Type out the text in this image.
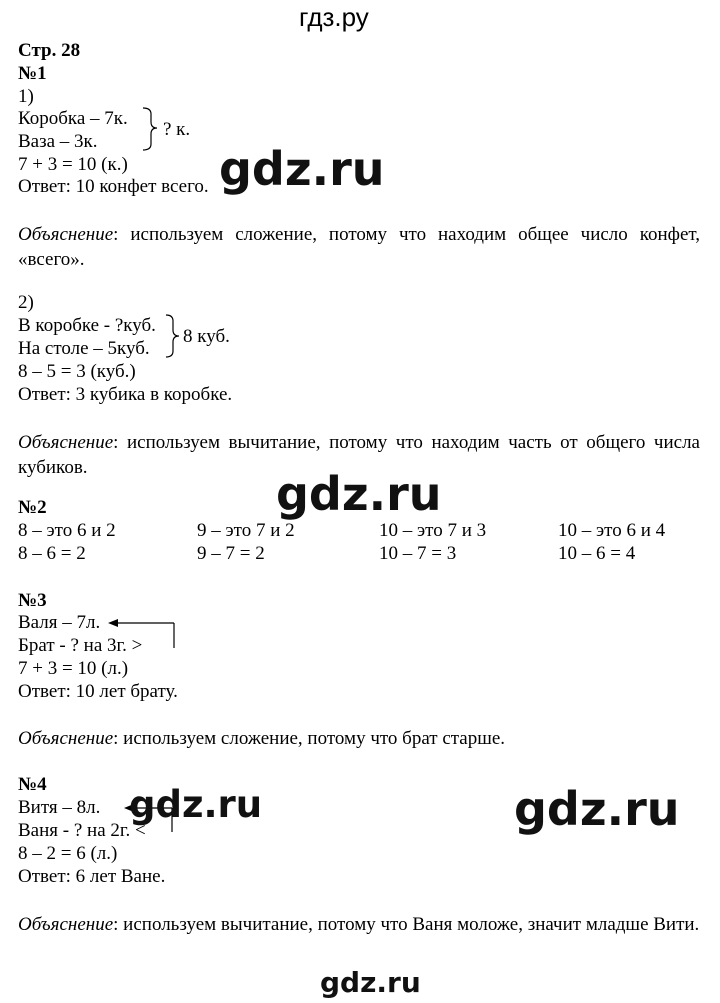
гдз.ру
Стр. 28
№1
1)
Коробка – 7к.
Ваза – 3к.
? к.
7 + 3 = 10 (к.)
Ответ: 10 конфет всего.
Объяснение: используем сложение, потому что находим общее число конфет, «всего».
2)
В коробке - ?куб.
На столе – 5куб.
8 куб.
8 – 5 = 3 (куб.)
Ответ: 3 кубика в коробке.
Объяснение: используем вычитание, потому что находим часть от общего числа кубиков.
№2
8 – это 6 и 2	9 – это 7 и 2	10 – это 7 и 3	10 – это 6 и 4
8 – 6 = 2	9 – 7 = 2	10 – 7 = 3	10 – 6 = 4
№3
Валя – 7л.
Брат - ? на 3г. >
7 + 3 = 10 (л.)
Ответ: 10 лет брату.
Объяснение: используем сложение, потому что брат старше.
№4
Витя – 8л.
Ваня - ? на 2г. <
8 – 2 = 6 (л.)
Ответ: 6 лет Ване.
Объяснение: используем вычитание, потому что Ваня моложе, значит младше Вити.
gdz.ru
gdz.ru
gdz.ru	gdz.ru
gdz.ru
